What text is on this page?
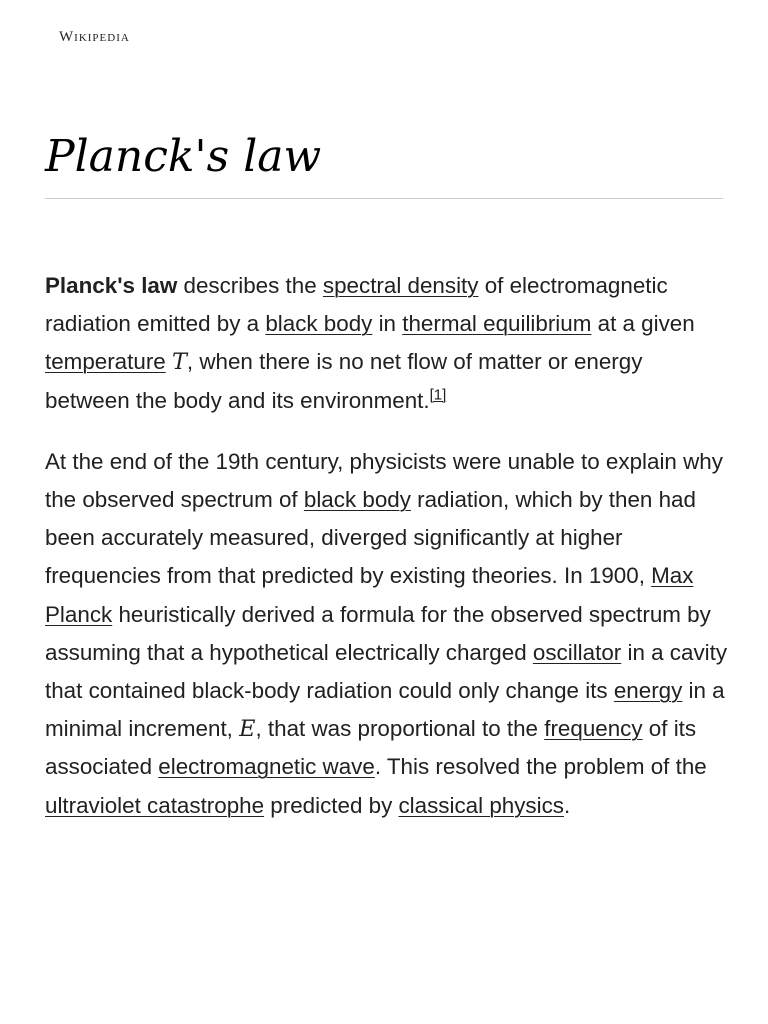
Wikipedia
Planck's law

Planck's law describes the spectral density of electromagnetic radiation emitted by a black body in thermal equilibrium at a given temperature T, when there is no net flow of matter or energy between the body and its environment.[1]

At the end of the 19th century, physicists were unable to explain why the observed spectrum of black body radiation, which by then had been accurately measured, diverged significantly at higher frequencies from that predicted by existing theories. In 1900, Max Planck heuristically derived a formula for the observed spectrum by assuming that a hypothetical electrically charged oscillator in a cavity that contained black-body radiation could only change its energy in a minimal increment, E, that was proportional to the frequency of its associated electromagnetic wave. This resolved the problem of the ultraviolet catastrophe predicted by classical physics.
